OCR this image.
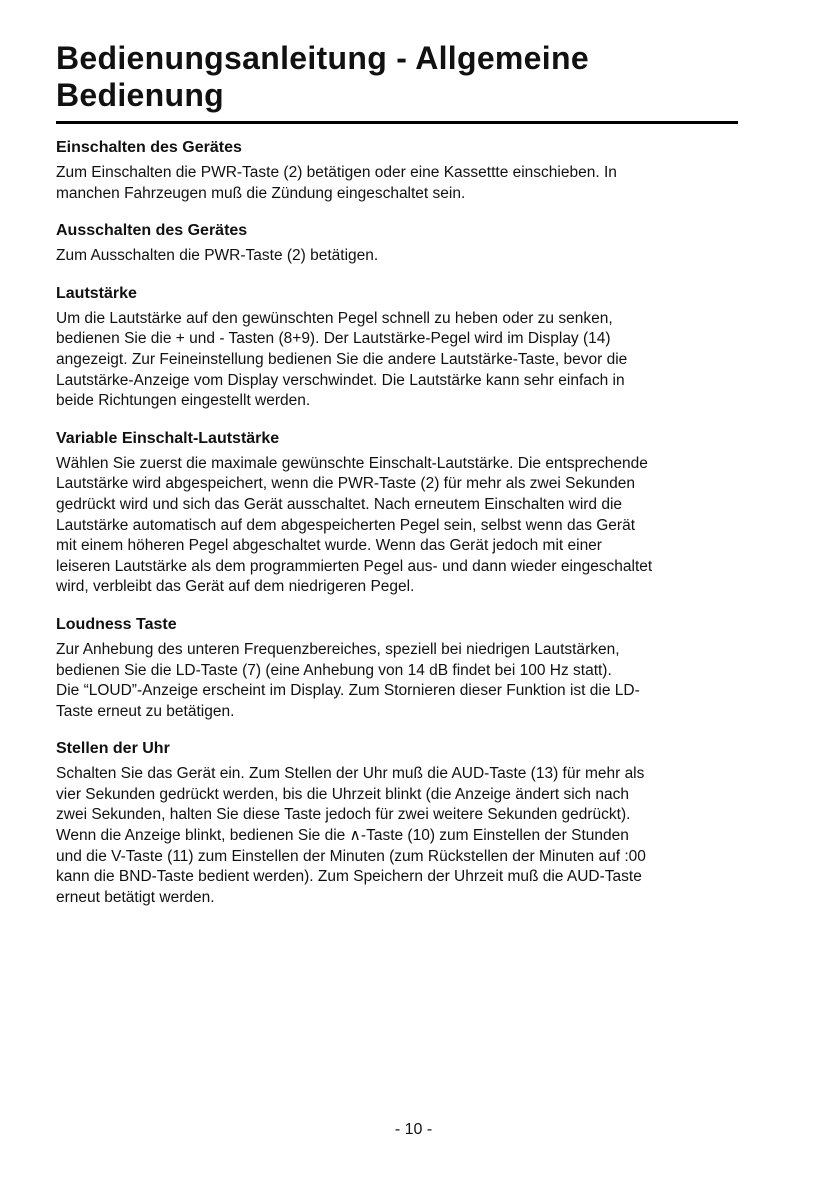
Bedienungsanleitung - Allgemeine
Bedienung
Einschalten des Gerätes

Zum Einschalten die PWR-Taste (2) betätigen oder eine Kassettte einschieben. In
manchen Fahrzeugen muß die Zündung eingeschaltet sein.

Ausschalten des Gerätes

Zum Ausschalten die PWR-Taste (2) betätigen.

Lautstärke

Um die Lautstärke auf den gewünschten Pegel schnell zu heben oder zu senken,
bedienen Sie die + und - Tasten (8+9). Der Lautstärke-Pegel wird im Display (14)
angezeigt. Zur Feineinstellung bedienen Sie die andere Lautstärke-Taste, bevor die
Lautstärke-Anzeige vom Display verschwindet. Die Lautstärke kann sehr einfach in
beide Richtungen eingestellt werden.

Variable Einschalt-Lautstärke

Wählen Sie zuerst die maximale gewünschte Einschalt-Lautstärke. Die entsprechende
Lautstärke wird abgespeichert, wenn die PWR-Taste (2) für mehr als zwei Sekunden
gedrückt wird und sich das Gerät ausschaltet. Nach erneutem Einschalten wird die
Lautstärke automatisch auf dem abgespeicherten Pegel sein, selbst wenn das Gerät
mit einem höheren Pegel abgeschaltet wurde. Wenn das Gerät jedoch mit einer
leiseren Lautstärke als dem programmierten Pegel aus- und dann wieder eingeschaltet
wird, verbleibt das Gerät auf dem niedrigeren Pegel.

Loudness Taste

Zur Anhebung des unteren Frequenzbereiches, speziell bei niedrigen Lautstärken,
bedienen Sie die LD-Taste (7) (eine Anhebung von 14 dB findet bei 100 Hz statt).
Die “LOUD”-Anzeige erscheint im Display. Zum Stornieren dieser Funktion ist die LD-
Taste erneut zu betätigen.

Stellen der Uhr

Schalten Sie das Gerät ein. Zum Stellen der Uhr muß die AUD-Taste (13) für mehr als
vier Sekunden gedrückt werden, bis die Uhrzeit blinkt (die Anzeige ändert sich nach
zwei Sekunden, halten Sie diese Taste jedoch für zwei weitere Sekunden gedrückt).
Wenn die Anzeige blinkt, bedienen Sie die ∧-Taste (10) zum Einstellen der Stunden
und die V-Taste (11) zum Einstellen der Minuten (zum Rückstellen der Minuten auf :00
kann die BND-Taste bedient werden). Zum Speichern der Uhrzeit muß die AUD-Taste
erneut betätigt werden.

- 10 -
